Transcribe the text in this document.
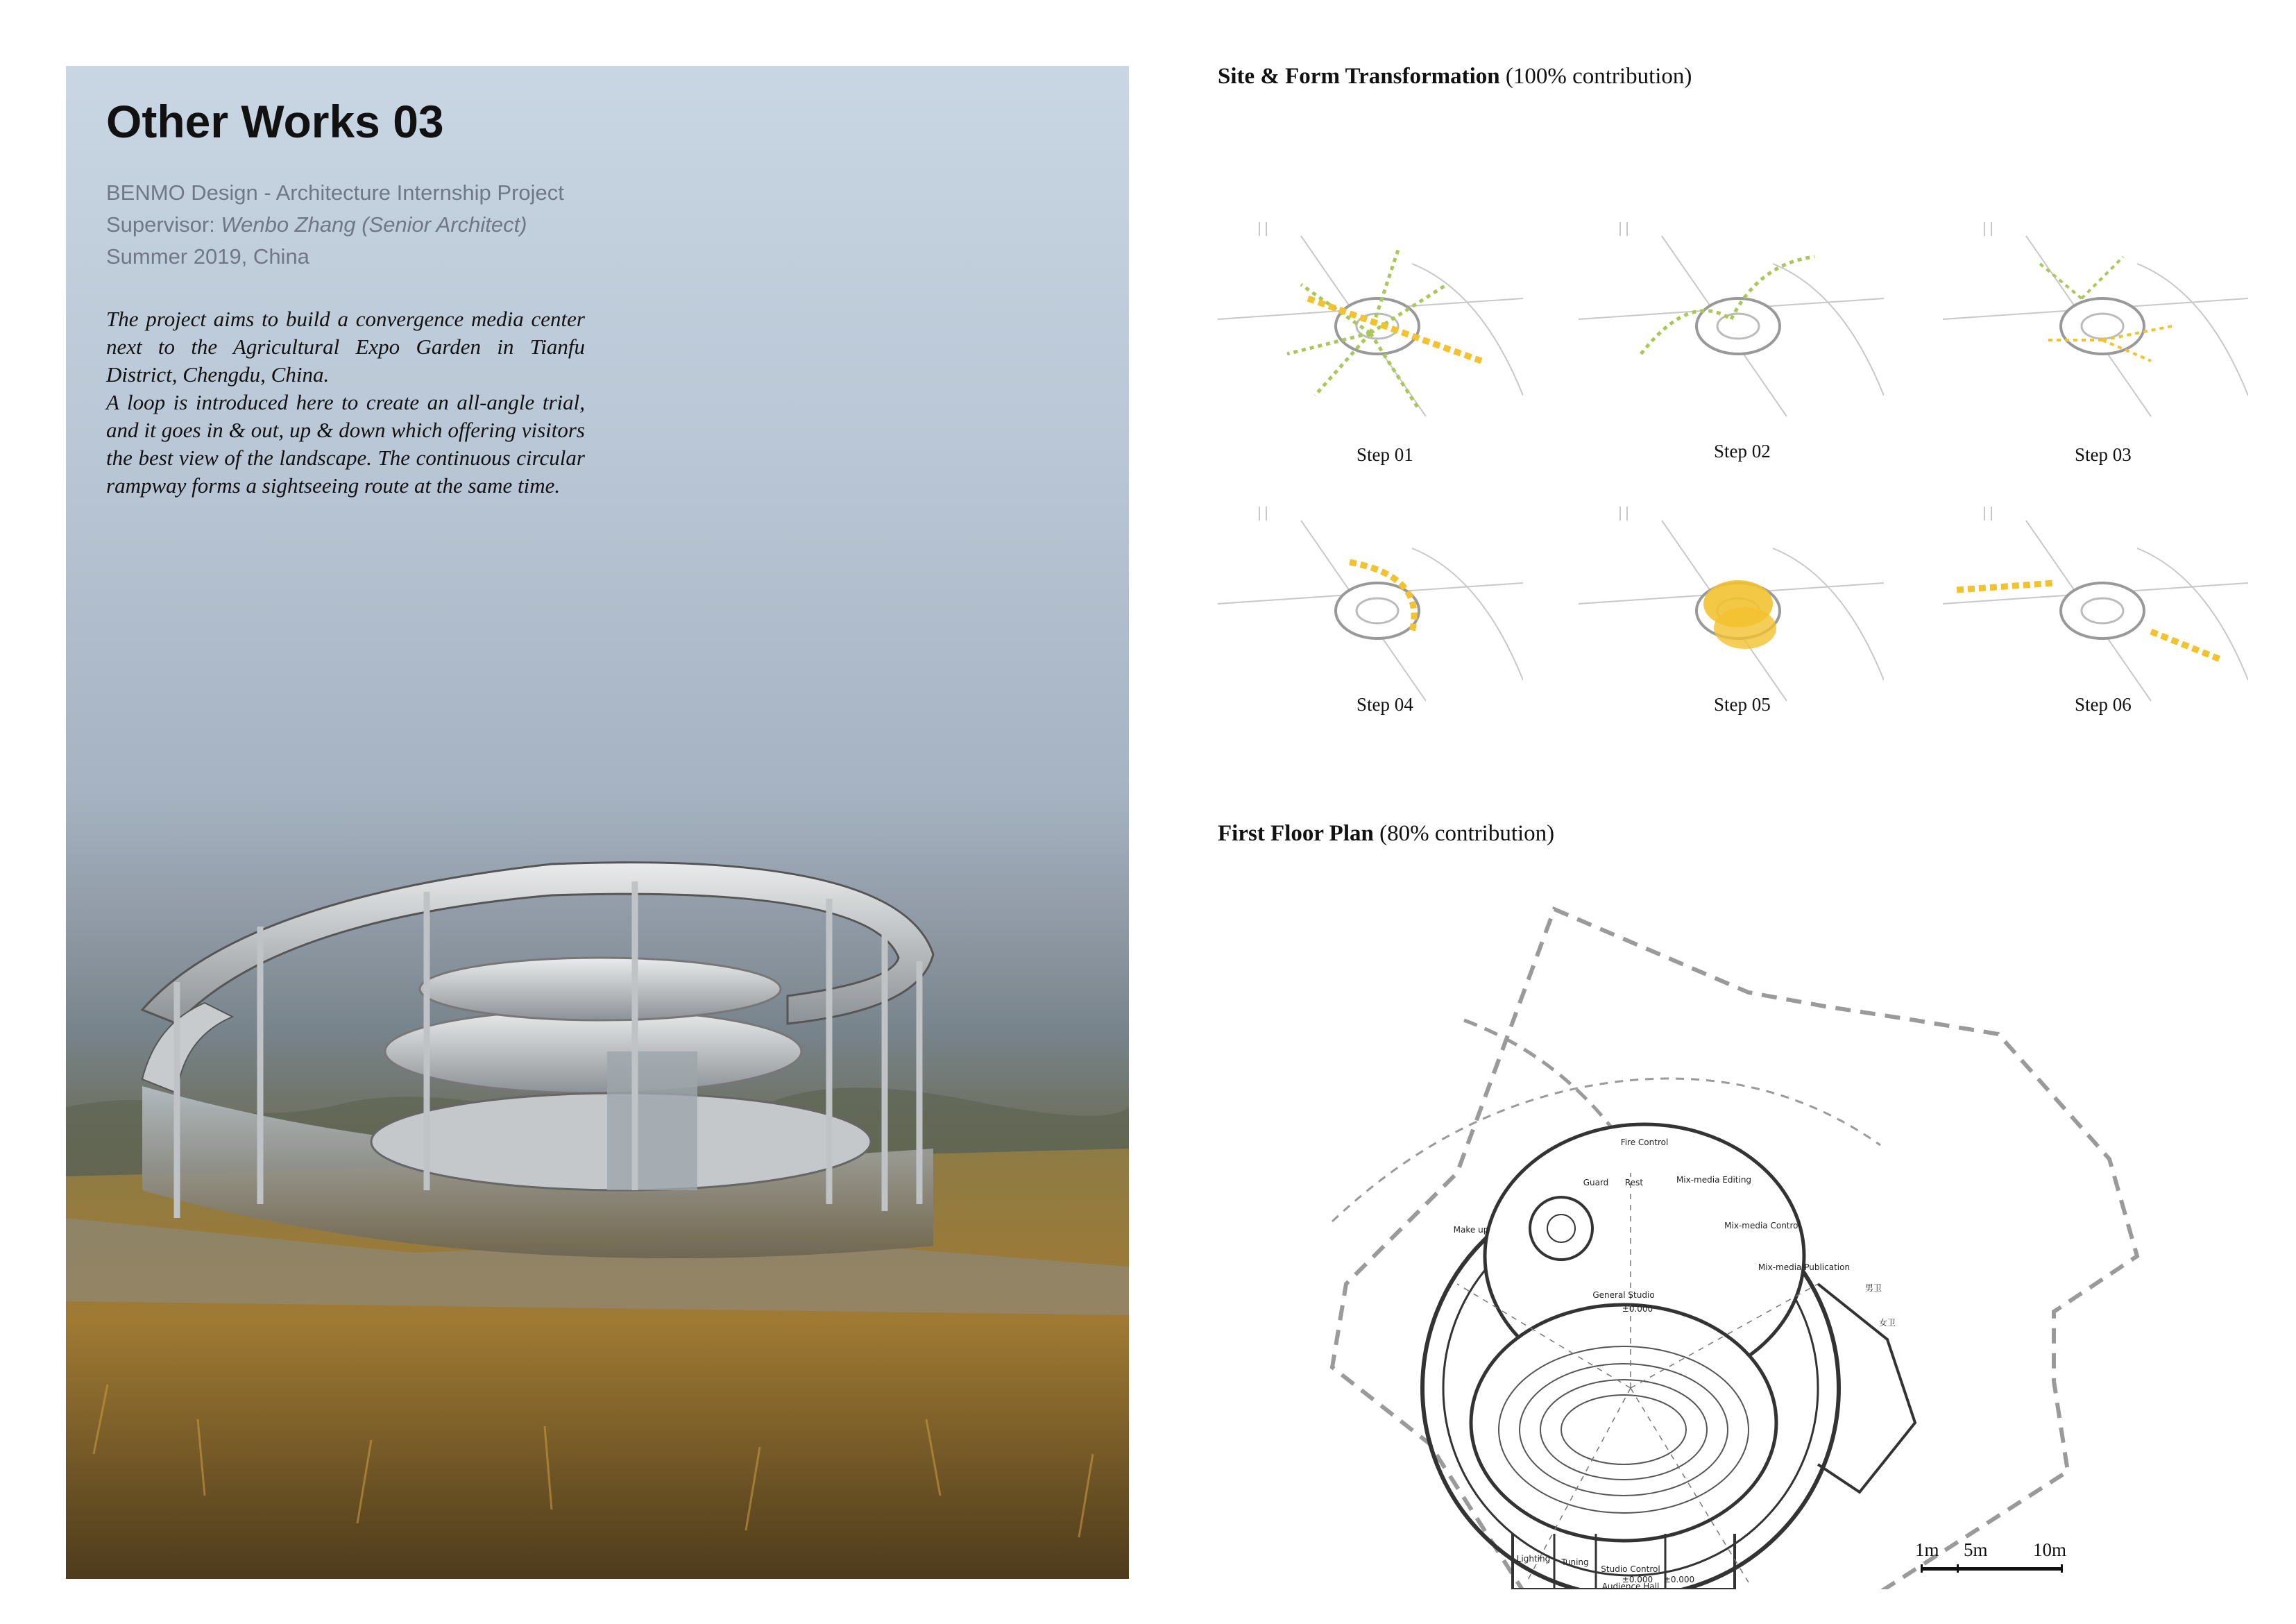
Other Works 03
BENMO Design - Architecture Internship Project
Supervisor: Wenbo Zhang (Senior Architect)
Summer 2019, China

The project aims to build a convergence media center next to the Agricultural Expo Garden in Tianfu District, Chengdu, China.

A loop is introduced here to create an all-angle trial, and it goes in & out, up & down which offering visitors the best view of the landscape. The continuous circular rampway forms a sightseeing route at the same time.

Site & Form Transformation (100% contribution)
Step 01	Step 02	Step 03
Step 04	Step 05	Step 06
First Floor Plan (80% contribution)
Fire Control
Guard Rest	Mix-media Editing
Mix-media Control
Make up
Mix-media Publication
General Studio
Lighting Tuning
Studio Control
Audience Hall
男卫
女卫
±0.000
±0.000 ±0.000
1m 5m 10m
